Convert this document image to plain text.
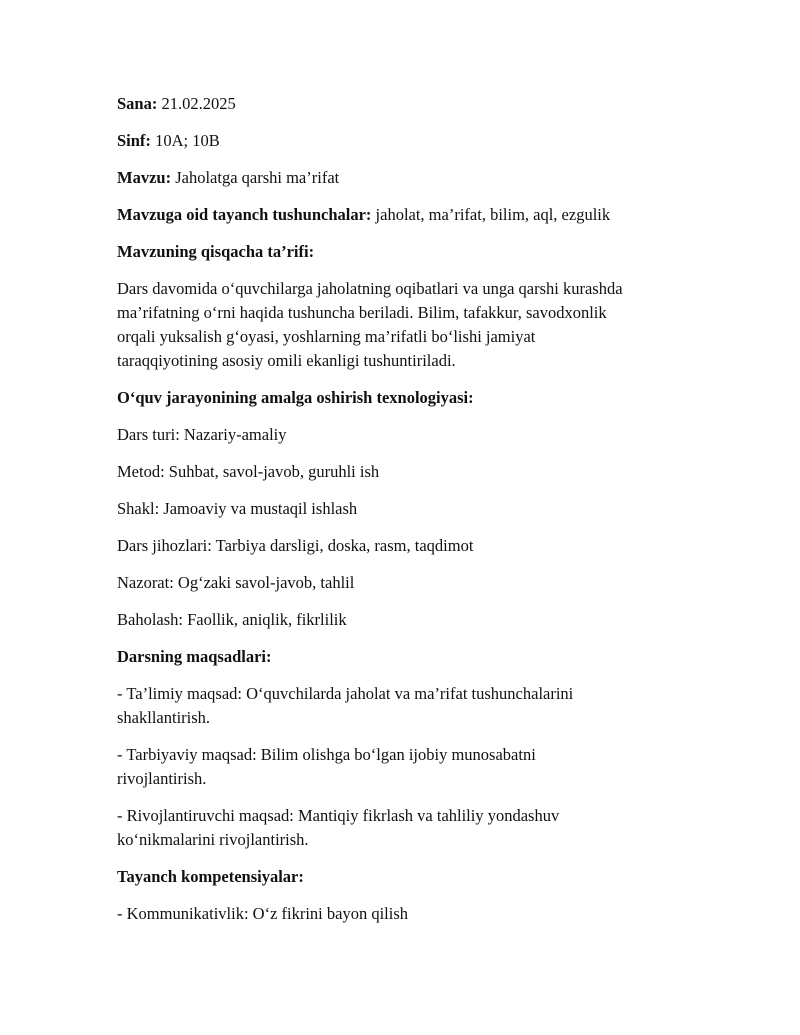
Sana: 21.02.2025

Sinf: 10A; 10B

Mavzu: Jaholatga qarshi ma’rifat

Mavzuga oid tayanch tushunchalar: jaholat, ma’rifat, bilim, aql, ezgulik

Mavzuning qisqacha ta’rifi:

Dars davomida o‘quvchilarga jaholatning oqibatlari va unga qarshi kurashda
ma’rifatning o‘rni haqida tushuncha beriladi. Bilim, tafakkur, savodxonlik
orqali yuksalish g‘oyasi, yoshlarning ma’rifatli bo‘lishi jamiyat
taraqqiyotining asosiy omili ekanligi tushuntiriladi.

O‘quv jarayonining amalga oshirish texnologiyasi:

Dars turi: Nazariy-amaliy

Metod: Suhbat, savol-javob, guruhli ish

Shakl: Jamoaviy va mustaqil ishlash

Dars jihozlari: Tarbiya darsligi, doska, rasm, taqdimot

Nazorat: Og‘zaki savol-javob, tahlil

Baholash: Faollik, aniqlik, fikrlilik

Darsning maqsadlari:

- Ta’limiy maqsad: O‘quvchilarda jaholat va ma’rifat tushunchalarini
shakllantirish.

- Tarbiyaviy maqsad: Bilim olishga bo‘lgan ijobiy munosabatni
rivojlantirish.

- Rivojlantiruvchi maqsad: Mantiqiy fikrlash va tahliliy yondashuv
ko‘nikmalarini rivojlantirish.

Tayanch kompetensiyalar:

- Kommunikativlik: O‘z fikrini bayon qilish
